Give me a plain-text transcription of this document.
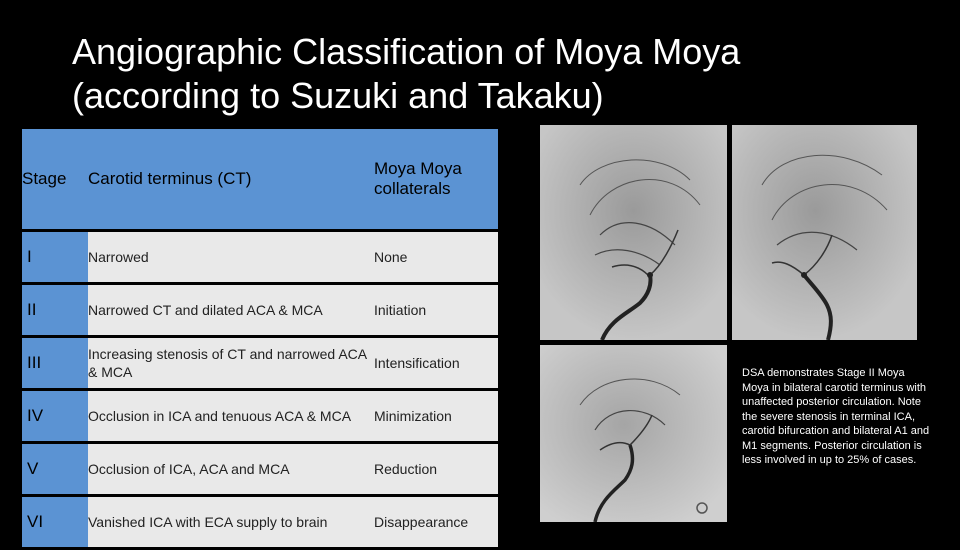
Angiographic Classification of Moya Moya
(according to Suzuki and Takaku)
Stage	Carotid terminus (CT)	Moya Moya collaterals
I	Narrowed	None
II	Narrowed CT and dilated ACA & MCA	Initiation
III	Increasing stenosis of CT and narrowed ACA & MCA	Intensification
IV	Occlusion in ICA and tenuous ACA & MCA	Minimization
V	Occlusion of ICA, ACA and MCA	Reduction
VI	Vanished ICA with ECA supply to brain	Disappearance
DSA demonstrates Stage II Moya Moya in bilateral carotid terminus with unaffected posterior circulation. Note the severe stenosis in terminal ICA, carotid bifurcation and bilateral A1 and M1 segments. Posterior circulation is less involved in up to 25% of cases.
